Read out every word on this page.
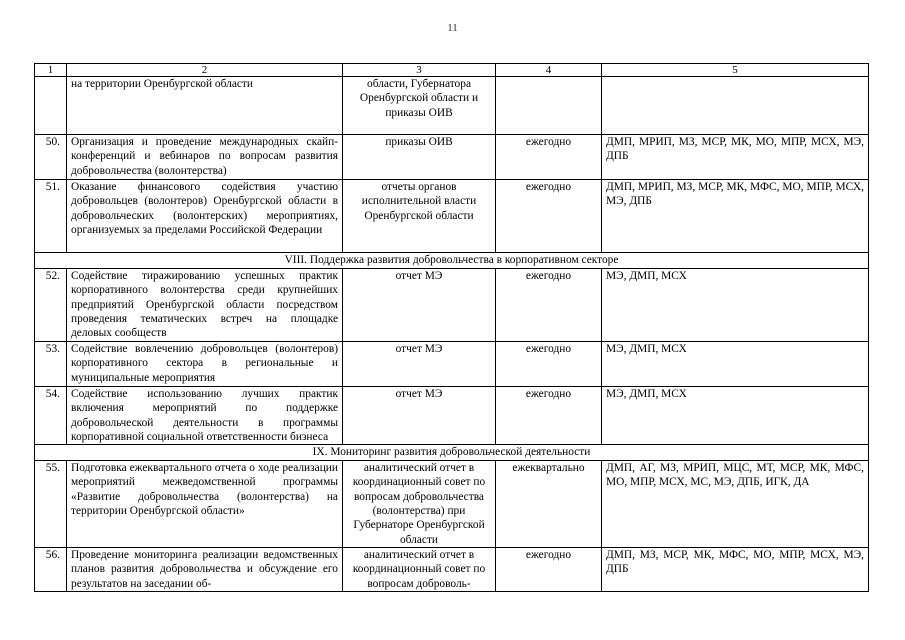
11
1	2	3	4	5
	на территории Оренбургской области	области, Губернатора Оренбургской области и приказы ОИВ		
50.	Организация и проведение международных скайп-конференций и вебинаров по вопросам развития добровольчества (волонтерства)	приказы ОИВ	ежегодно	ДМП, МРИП, МЗ, МСР, МК, МО, МПР, МСХ, МЭ, ДПБ
51.	Оказание финансового содействия участию добровольцев (волонтеров) Оренбургской области в добровольческих (волонтерских) мероприятиях, организуемых за пределами Российской Федерации	отчеты органов исполнительной власти Оренбургской области	ежегодно	ДМП, МРИП, МЗ, МСР, МК, МФС, МО, МПР, МСХ, МЭ, ДПБ
VIII. Поддержка развития добровольчества в корпоративном секторе				
52.	Содействие тиражированию успешных практик корпоративного волонтерства среди крупнейших предприятий Оренбургской области посредством проведения тематических встреч на площадке деловых сообществ	отчет МЭ	ежегодно	МЭ, ДМП, МСХ
53.	Содействие вовлечению добровольцев (волонтеров) корпоративного сектора в региональные и муниципальные мероприятия	отчет МЭ	ежегодно	МЭ, ДМП, МСХ
54.	Содействие использованию лучших практик включения мероприятий по поддержке добровольческой деятельности в программы корпоративной социальной ответственности бизнеса	отчет МЭ	ежегодно	МЭ, ДМП, МСХ
IX. Мониторинг развития добровольческой деятельности				
55.	Подготовка ежеквартального отчета о ходе реализации мероприятий межведомственной программы «Развитие добровольчества (волонтерства) на территории Оренбургской области»	аналитический отчет в координационный совет по вопросам добровольчества (волонтерства) при Губернаторе Оренбургской области	ежеквартально	ДМП, АГ, МЗ, МРИП, МЦС, МТ, МСР, МК, МФС, МО, МПР, МСХ, МС, МЭ, ДПБ, ИГК, ДА
56.	Проведение мониторинга реализации ведомственных планов развития добровольчества и обсуждение его результатов на заседании об-	аналитический отчет в координационный совет по вопросам доброволь-	ежегодно	ДМП, МЗ, МСР, МК, МФС, МО, МПР, МСХ, МЭ, ДПБ
